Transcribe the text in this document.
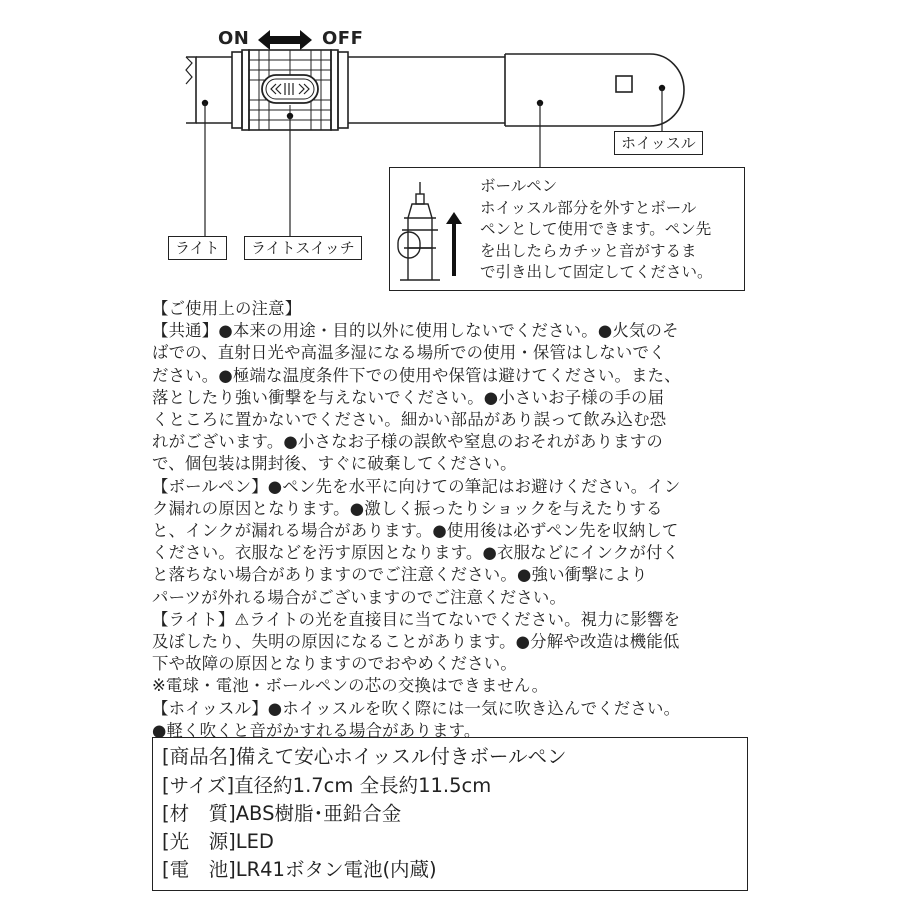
ON	OFF
ライト	ライトスイッチ
ホイッスル
ボールペン
ホイッスル部分を外すとボール
ペンとして使用できます。ペン先
を出したらカチッと音がするま
で引き出して固定してください。
【ご使用上の注意】
【共通】●本来の用途・目的以外に使用しないでください。●火気のそ
ばでの、直射日光や高温多湿になる場所での使用・保管はしないでく
ださい。●極端な温度条件下での使用や保管は避けてください。また、
落としたり強い衝撃を与えないでください。●小さいお子様の手の届
くところに置かないでください。細かい部品があり誤って飲み込む恐
れがございます。●小さなお子様の誤飲や窒息のおそれがありますの
で、個包装は開封後、すぐに破棄してください。
【ボールペン】●ペン先を水平に向けての筆記はお避けください。イン
ク漏れの原因となります。●激しく振ったりショックを与えたりする
と、インクが漏れる場合があります。●使用後は必ずペン先を収納して
ください。衣服などを汚す原因となります。●衣服などにインクが付く
と落ちない場合がありますのでご注意ください。●強い衝撃により
パーツが外れる場合がございますのでご注意ください。
【ライト】⚠ライトの光を直接目に当てないでください。視力に影響を
及ぼしたり、失明の原因になることがあります。●分解や改造は機能低
下や故障の原因となりますのでおやめください。
※電球・電池・ボールペンの芯の交換はできません。
【ホイッスル】●ホイッスルを吹く際には一気に吹き込んでください。
●軽く吹くと音がかすれる場合があります。
[商品名]備えて安心ホイッスル付きボールペン
[サイズ]直径約1.7cm 全長約11.5cm
[材　質]ABS樹脂･亜鉛合金
[光　源]LED
[電　池]LR41ボタン電池(内蔵)
